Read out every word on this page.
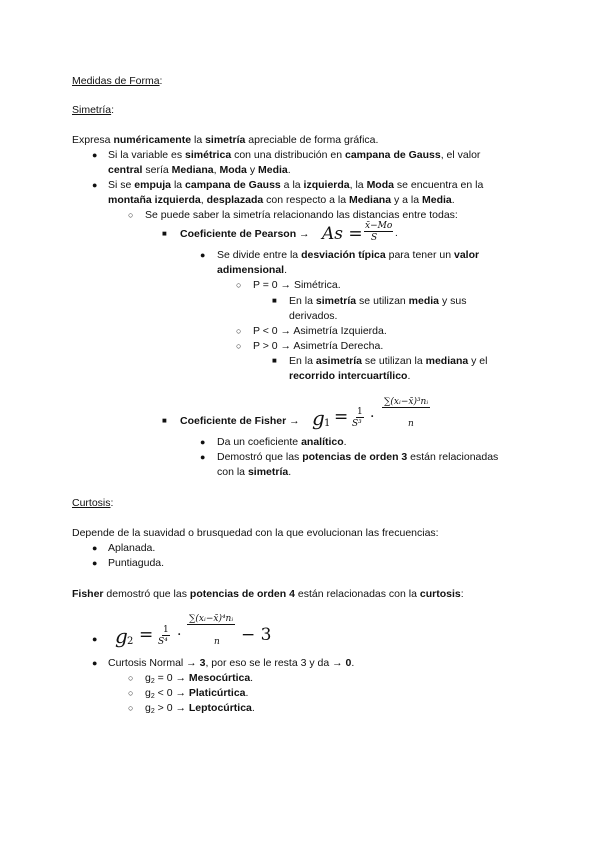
Medidas de Forma:
Simetría:
Expresa numéricamente la simetría apreciable de forma gráfica.
● Si la variable es simétrica con una distribución en campana de Gauss, el valor
central sería Mediana, Moda y Media.
● Si se empuja la campana de Gauss a la izquierda, la Moda se encuentra en la
montaña izquierda, desplazada con respecto a la Mediana y a la Media.
○ Se puede saber la simetría relacionando las distancias entre todas:
■ Coeficiente de Pearson → As = x̄−Mo
S .
● Se divide entre la desviación típica para tener un valor
adimensional.
○ P = 0 → Simétrica.
■ En la simetría se utilizan media y sus
derivados.
○ P < 0 → Asimetría Izquierda.
○ P > 0 → Asimetría Derecha.
■ En la asimetría se utilizan la mediana y el
recorrido intercuartílico.
■ Coeficiente de Fisher → g 1 = 1
S³ ·
∑(xᵢ−x̄)³nᵢ
n
● Da un coeficiente analítico.
● Demostró que las potencias de orden 3 están relacionadas
con la simetría.
Curtosis:
Depende de la suavidad o brusquedad con la que evolucionan las frecuencias:
● Aplanada.
● Puntiaguda.
Fisher demostró que las potencias de orden 4 están relacionadas con la curtosis:
● g 2 = 1
S⁴ ·
∑(xᵢ−x̄)⁴nᵢ
n − 3
● Curtosis Normal → 3, por eso se le resta 3 y da → 0.
○ $g_2 = 0$ → Mesocúrtica.
○ $g_2 < 0$ → Platicúrtica.
○ $g_2 > 0$ → Leptocúrtica.
